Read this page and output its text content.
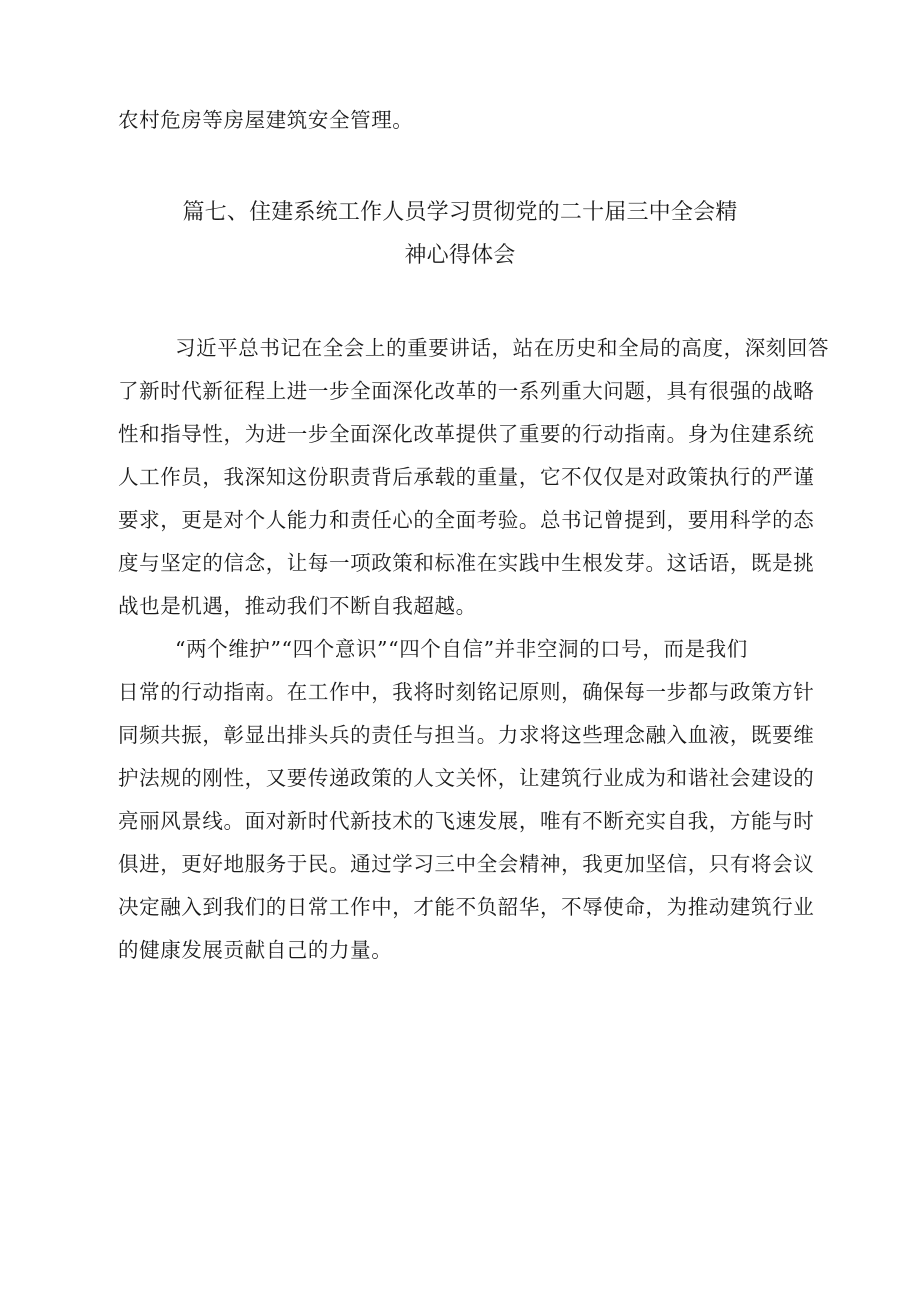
农村危房等房屋建筑安全管理。
篇七、住建系统工作人员学习贯彻党的二十届三中全会精
神心得体会
习近平总书记在全会上的重要讲话，站在历史和全局的高度，深刻回答
了新时代新征程上进一步全面深化改革的一系列重大问题，具有很强的战略
性和指导性，为进一步全面深化改革提供了重要的行动指南。身为住建系统
人工作员，我深知这份职责背后承载的重量，它不仅仅是对政策执行的严谨
要求，更是对个人能力和责任心的全面考验。总书记曾提到，要用科学的态
度与坚定的信念，让每一项政策和标准在实践中生根发芽。这话语，既是挑
战也是机遇，推动我们不断自我超越。
“两个维护”“四个意识”“四个自信”并非空洞的口号，而是我们
日常的行动指南。在工作中，我将时刻铭记原则，确保每一步都与政策方针
同频共振，彰显出排头兵的责任与担当。力求将这些理念融入血液，既要维
护法规的刚性，又要传递政策的人文关怀，让建筑行业成为和谐社会建设的
亮丽风景线。面对新时代新技术的飞速发展，唯有不断充实自我，方能与时
俱进，更好地服务于民。通过学习三中全会精神，我更加坚信，只有将会议
决定融入到我们的日常工作中，才能不负韶华，不辱使命，为推动建筑行业
的健康发展贡献自己的力量。
